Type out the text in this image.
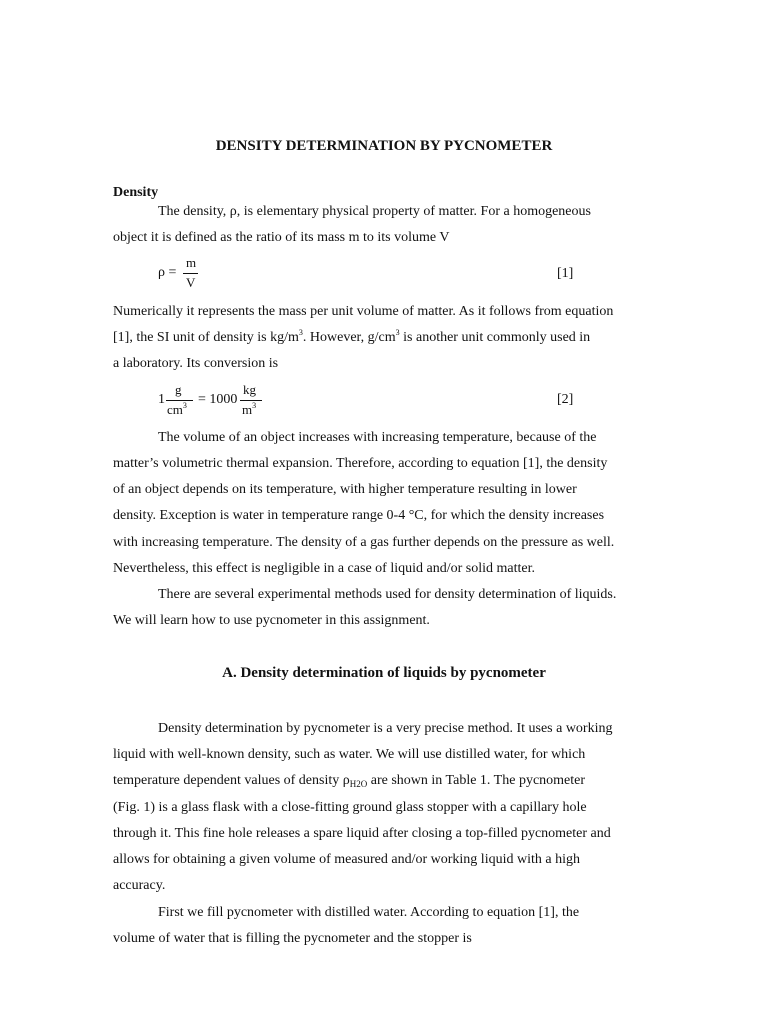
DENSITY DETERMINATION BY PYCNOMETER
Density
The density, ρ, is elementary physical property of matter. For a homogeneous
object it is defined as the ratio of its mass m to its volume V
ρ =
m
V
[1]
Numerically it represents the mass per unit volume of matter. As it follows from equation
[1], the SI unit of density is $kg/m^3$. However, $g/cm^3$ is another unit commonly used in
a laboratory. Its conversion is
1
g
$cm^3 = 1000$
kg
$m^3$	[2]
The volume of an object increases with increasing temperature, because of the
matter’s volumetric thermal expansion. Therefore, according to equation [1], the density
of an object depends on its temperature, with higher temperature resulting in lower
density. Exception is water in temperature range 0-4 °C, for which the density increases
with increasing temperature. The density of a gas further depends on the pressure as well.
Nevertheless, this effect is negligible in a case of liquid and/or solid matter.
There are several experimental methods used for density determination of liquids.
We will learn how to use pycnometer in this assignment.
A. Density determination of liquids by pycnometer
Density determination by pycnometer is a very precise method. It uses a working
liquid with well-known density, such as water. We will use distilled water, for which
temperature dependent values of density $\rho_{H2O}$ are shown in Table 1. The pycnometer
(Fig. 1) is a glass flask with a close-fitting ground glass stopper with a capillary hole
through it. This fine hole releases a spare liquid after closing a top-filled pycnometer and
allows for obtaining a given volume of measured and/or working liquid with a high
accuracy.
First we fill pycnometer with distilled water. According to equation [1], the
volume of water that is filling the pycnometer and the stopper is
